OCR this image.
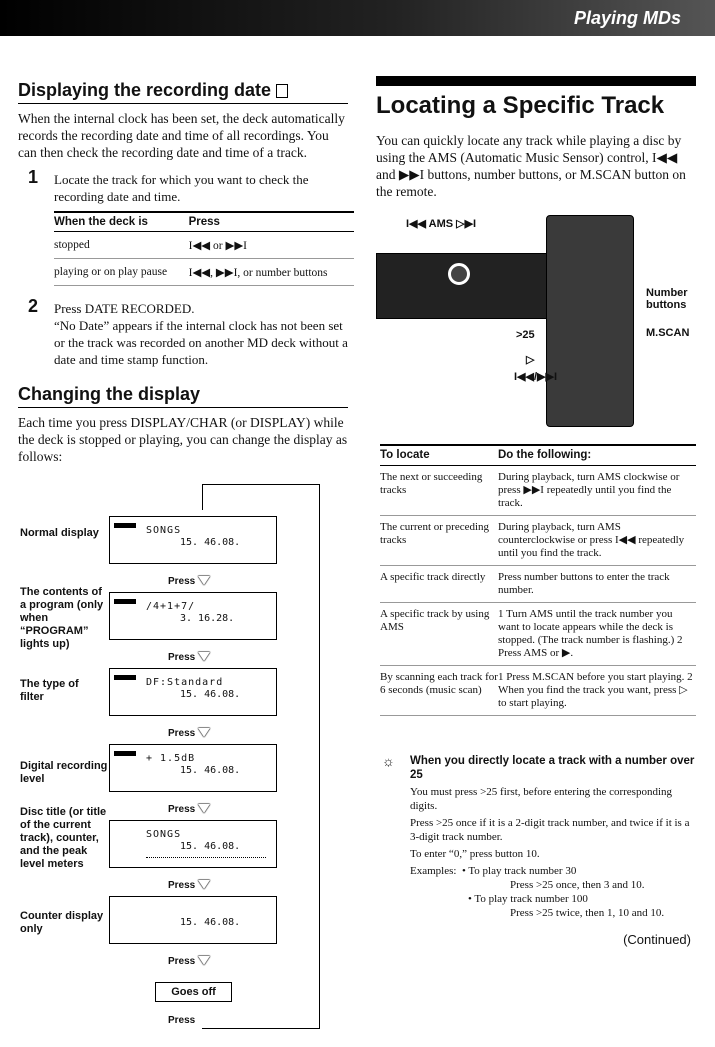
Playing MDs
Displaying the recording date

When the internal clock has been set, the deck automatically records the recording date and time of all recordings. You can then check the recording date and time of a track.

1 Locate the track for which you want to check the recording date and time.
When the deck is	Press
stopped	I◀◀ or ▶▶I
playing or on play pause	I◀◀, ▶▶I, or number buttons
2 Press DATE RECORDED.
“No Date” appears if the internal clock has not been set or the track was recorded on another MD deck without a date and time stamp function.
Changing the display

Each time you press DISPLAY/CHAR (or DISPLAY) while the deck is stopped or playing, you can change the display as follows:

Normal display	SONGS
15. 46.08.
Press
The contents of a program (only when “PROGRAM” lights up)
/4+1+7/
3. 16.28.
Press
The type of filter
DF:Standard
15. 46.08.
Press
Digital recording level
+ 1.5dB
15. 46.08.
Press
Disc title (or title of the current track), counter, and the peak level meters
SONGS
15. 46.08.
Press
Counter display only
15. 46.08.
Press
Goes off
Press
Locating a Specific Track

You can quickly locate any track while playing a disc by using the AMS (Automatic Music Sensor) control, I◀◀ and ▶▶I buttons, number buttons, or M.SCAN button on the remote.

I◀◀ AMS ▷▶I
Number buttons
M.SCAN
>25
▷
I◀◀/▶▶I
To locate	Do the following:
The next or succeeding tracks	During playback, turn AMS clockwise or press ▶▶I repeatedly until you find the track.
The current or preceding tracks	During playback, turn AMS counterclockwise or press I◀◀ repeatedly until you find the track.
A specific track directly	Press number buttons to enter the track number.
A specific track by using AMS	1 Turn AMS until the track number you want to locate appears while the deck is stopped. (The track number is flashing.) 2 Press AMS or ▶.
By scanning each track for 6 seconds (music scan)	1 Press M.SCAN before you start playing. 2 When you find the track you want, press ▷ to start playing.
☼ When you directly locate a track with a number over 25

You must press >25 first, before entering the corresponding digits.

Press >25 once if it is a 2-digit track number, and twice if it is a 3-digit track number.

To enter “0,” press button 10.

Examples: • To play track number 30
Press >25 once, then 3 and 10.
• To play track number 100
Press >25 twice, then 1, 10 and 10.

(Continued)
